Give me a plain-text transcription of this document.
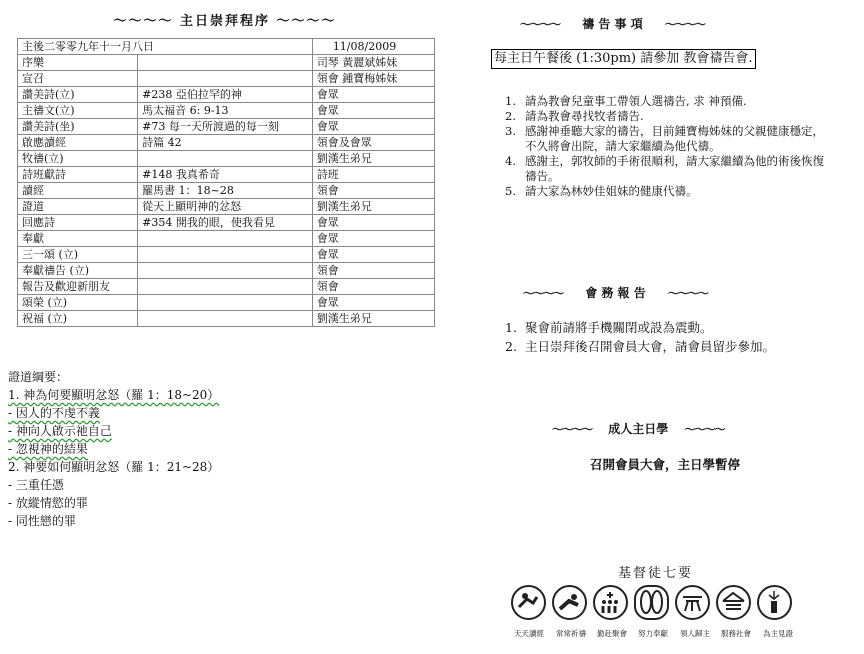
～～～～ 主日崇拜程序 ～～～～
主後二零零九年十一月八日		11/08/2009
序樂		司琴 黃麗斌姊妹
宣召		領會 鍾寶梅姊妹
讚美詩(立)	#238 亞伯拉罕的神	會眾
主禱文(立)	馬太福音 6: 9-13	會眾
讚美詩(坐)	#73 每一天所渡過的每一刻	會眾
啟應讀經	詩篇 42	領會及會眾
牧禱(立)		劉漢生弟兄
詩班獻詩	#148 我真希奇	詩班
讀經	羅馬書 1：18~28	領會
證道	從天上顯明神的忿怒	劉漢生弟兄
回應詩	#354 開我的眼，使我看見	會眾
奉獻		會眾
三一頌 (立)		會眾
奉獻禱告 (立)		領會
報告及歡迎新朋友		領會
頌榮 (立)		會眾
祝福 (立)		劉漢生弟兄
證道綱要：
1. 神為何要顯明忿怒（羅 1：18~20）
- 因人的不虔不義
- 神向人啟示祂自己
- 忽視神的結果
2. 神要如何顯明忿怒（羅 1：21~28）
- 三重任憑
- 放縱情慾的罪
- 同性戀的罪
～～～～ 禱 告 事 項 ～～～～
每主日午餐後 (1:30pm) 請參加 教會禱告會.
1. 請為教會兒童事工帶領人選禱告, 求 神預備.
2. 請為教會尋找牧者禱告.
3. 感謝神垂聽大家的禱告，目前鍾寶梅姊妹的父親健康穩定，不久將會出院，請大家繼續為他代禱。
4. 感謝主，郭牧師的手術很順利，請大家繼續為他的術後恢復禱告。
5. 請大家為林妙佳姐妹的健康代禱。
～～～～ 會 務 報 告 ～～～～
1. 聚會前請將手機關閉或設為震動。
2. 主日崇拜後召開會員大會，請會員留步參加。
～～～～ 成人主日學 ～～～～
召開會員大會，主日學暫停
基督徒七要
天天讀經 常常祈禱 勤赴聚會 努力奉獻 領人歸主 服務社會 為主見證
